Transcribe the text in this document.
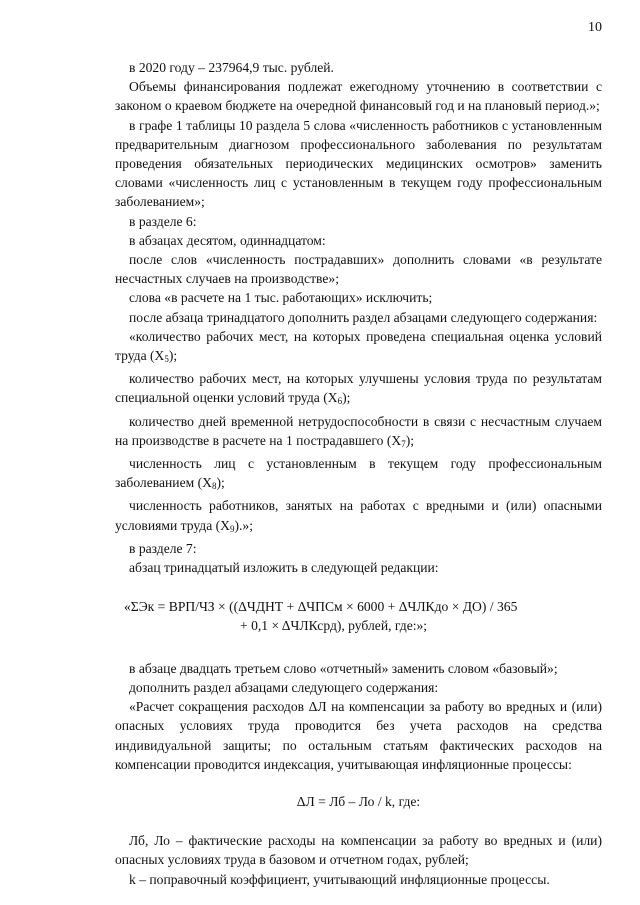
10

в 2020 году – 237964,9 тыс. рублей.

Объемы финансирования подлежат ежегодному уточнению в соответствии с законом о краевом бюджете на очередной финансовый год и на плановый период.»;

в графе 1 таблицы 10 раздела 5 слова «численность работников с установленным предварительным диагнозом профессионального заболевания по результатам проведения обязательных периодических медицинских осмотров» заменить словами «численность лиц с установленным в текущем году профессиональным заболеванием»;

в разделе 6:

в абзацах десятом, одиннадцатом:

после слов «численность пострадавших» дополнить словами «в результате несчастных случаев на производстве»;

слова «в расчете на 1 тыс. работающих» исключить;

после абзаца тринадцатого дополнить раздел абзацами следующего содержания:

«количество рабочих мест, на которых проведена специальная оценка условий труда $(X_5)$;

количество рабочих мест, на которых улучшены условия труда по результатам специальной оценки условий труда $(X_6)$;

количество дней временной нетрудоспособности в связи с несчастным случаем на производстве в расчете на 1 пострадавшего $(X_7)$;

численность лиц с установленным в текущем году профессиональным заболеванием $(X_8)$;

численность работников, занятых на работах с вредными и (или) опасными условиями труда $(X_9)$.»;

в разделе 7:

абзац тринадцатый изложить в следующей редакции:

«ΣЭк = ВРП/ЧЗ × ((ΔЧДНТ + ΔЧПСм × 6000 + ΔЧЛКдо × ДО) / 365

+ 0,1 × ΔЧЛКсрд), рублей, где:»;

в абзаце двадцать третьем слово «отчетный» заменить словом «базовый»;

дополнить раздел абзацами следующего содержания:

«Расчет сокращения расходов ΔЛ на компенсации за работу во вредных и (или) опасных условиях труда проводится без учета расходов на средства индивидуальной защиты; по остальным статьям фактических расходов на компенсации проводится индексация, учитывающая инфляционные процессы:

ΔЛ = Лб – Ло / k, где:

Лб, Ло – фактические расходы на компенсации за работу во вредных и (или) опасных условиях труда в базовом и отчетном годах, рублей;

k – поправочный коэффициент, учитывающий инфляционные процессы.
